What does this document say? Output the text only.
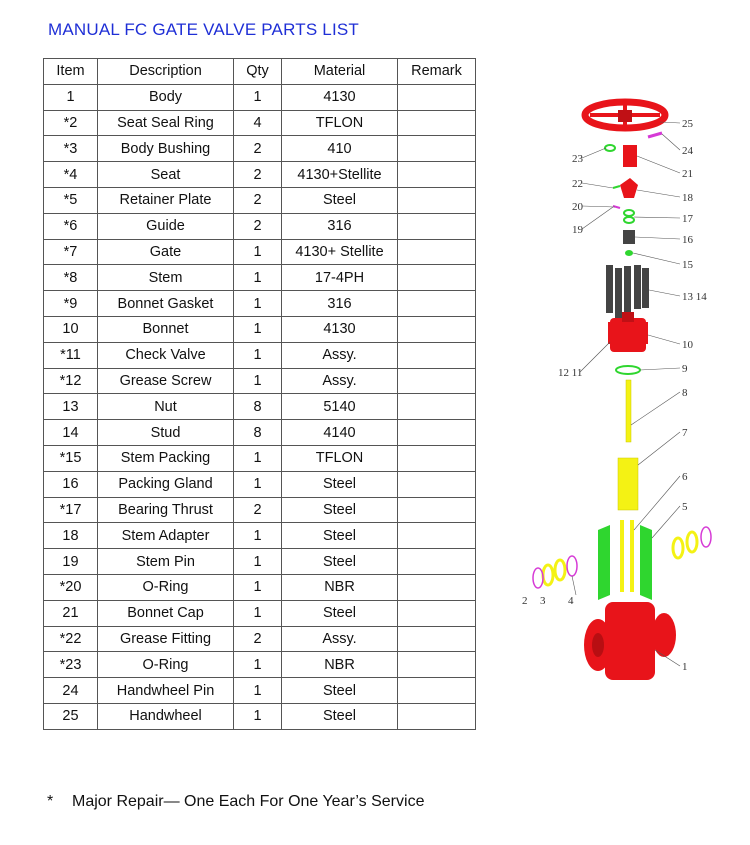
MANUAL FC GATE VALVE PARTS LIST
Item	Description	Qty	Material	Remark
1	Body	1	4130	
*2	Seat Seal Ring	4	TFLON	
*3	Body Bushing	2	410	
*4	Seat	2	4130+Stellite	
*5	Retainer Plate	2	Steel	
*6	Guide	2	316	
*7	Gate	1	4130+ Stellite	
*8	Stem	1	17-4PH	
*9	Bonnet Gasket	1	316	
10	Bonnet	1	4130	
*11	Check Valve	1	Assy.	
*12	Grease Screw	1	Assy.	
13	Nut	8	5140	
14	Stud	8	4140	
*15	Stem Packing	1	TFLON	
16	Packing Gland	1	Steel	
*17	Bearing Thrust	2	Steel	
18	Stem Adapter	1	Steel	
19	Stem Pin	1	Steel	
*20	O-Ring	1	NBR	
21	Bonnet Cap	1	Steel	
*22	Grease Fitting	2	Assy.	
*23	O-Ring	1	NBR	
24	Handwheel Pin	1	Steel	
25	Handwheel	1	Steel	
* Major Repair— One Each For One Year’s Service
25
24
23
22
21
20
19
18
17
16
15
13 14
12 11
10
9
8
7
6
5
2 3 4
1
